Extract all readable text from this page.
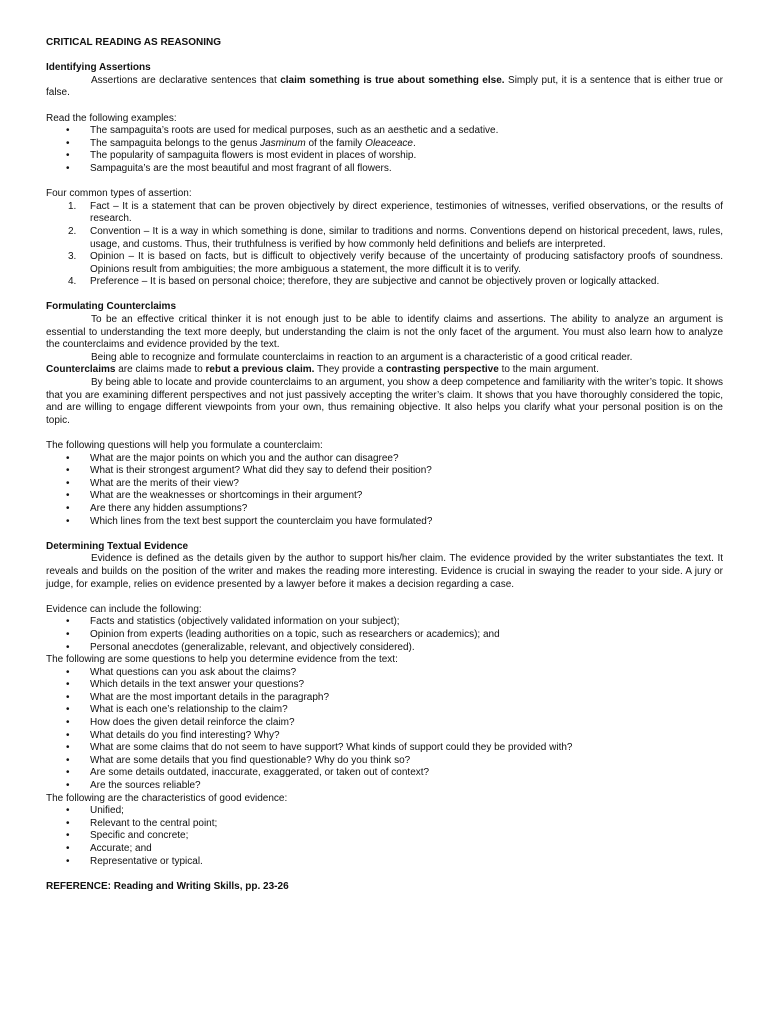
CRITICAL READING AS REASONING
Identifying Assertions
Assertions are declarative sentences that claim something is true about something else. Simply put, it is a sentence that is either true or false.
Read the following examples:
• The sampaguita’s roots are used for medical purposes, such as an aesthetic and a sedative.
• The sampaguita belongs to the genus Jasminum of the family Oleaceace.
• The popularity of sampaguita flowers is most evident in places of worship.
• Sampaguita’s are the most beautiful and most fragrant of all flowers.
Four common types of assertion:
1. Fact – It is a statement that can be proven objectively by direct experience, testimonies of witnesses, verified observations, or the results of research.
2. Convention – It is a way in which something is done, similar to traditions and norms. Conventions depend on historical precedent, laws, rules, usage, and customs. Thus, their truthfulness is verified by how commonly held definitions and beliefs are interpreted.
3. Opinion – It is based on facts, but is difficult to objectively verify because of the uncertainty of producing satisfactory proofs of soundness. Opinions result from ambiguities; the more ambiguous a statement, the more difficult it is to verify.
4. Preference – It is based on personal choice; therefore, they are subjective and cannot be objectively proven or logically attacked.
Formulating Counterclaims
To be an effective critical thinker it is not enough just to be able to identify claims and assertions. The ability to analyze an argument is essential to understanding the text more deeply, but understanding the claim is not the only facet of the argument. You must also learn how to analyze the counterclaims and evidence provided by the text.
Being able to recognize and formulate counterclaims in reaction to an argument is a characteristic of a good critical reader.
Counterclaims are claims made to rebut a previous claim. They provide a contrasting perspective to the main argument.
By being able to locate and provide counterclaims to an argument, you show a deep competence and familiarity with the writer’s topic. It shows that you are examining different perspectives and not just passively accepting the writer’s claim. It shows that you have thoroughly considered the topic, and are willing to engage different viewpoints from your own, thus remaining objective. It also helps you clarify what your personal position is on the topic.
The following questions will help you formulate a counterclaim:
• What are the major points on which you and the author can disagree?
• What is their strongest argument? What did they say to defend their position?
• What are the merits of their view?
• What are the weaknesses or shortcomings in their argument?
• Are there any hidden assumptions?
• Which lines from the text best support the counterclaim you have formulated?
Determining Textual Evidence
Evidence is defined as the details given by the author to support his/her claim. The evidence provided by the writer substantiates the text. It reveals and builds on the position of the writer and makes the reading more interesting. Evidence is crucial in swaying the reader to your side. A jury or judge, for example, relies on evidence presented by a lawyer before it makes a decision regarding a case.
Evidence can include the following:
• Facts and statistics (objectively validated information on your subject);
• Opinion from experts (leading authorities on a topic, such as researchers or academics); and
• Personal anecdotes (generalizable, relevant, and objectively considered).
The following are some questions to help you determine evidence from the text:
• What questions can you ask about the claims?
• Which details in the text answer your questions?
• What are the most important details in the paragraph?
• What is each one’s relationship to the claim?
• How does the given detail reinforce the claim?
• What details do you find interesting? Why?
• What are some claims that do not seem to have support? What kinds of support could they be provided with?
• What are some details that you find questionable? Why do you think so?
• Are some details outdated, inaccurate, exaggerated, or taken out of context?
• Are the sources reliable?
The following are the characteristics of good evidence:
• Unified;
• Relevant to the central point;
• Specific and concrete;
• Accurate; and
• Representative or typical.
REFERENCE: Reading and Writing Skills, pp. 23-26
